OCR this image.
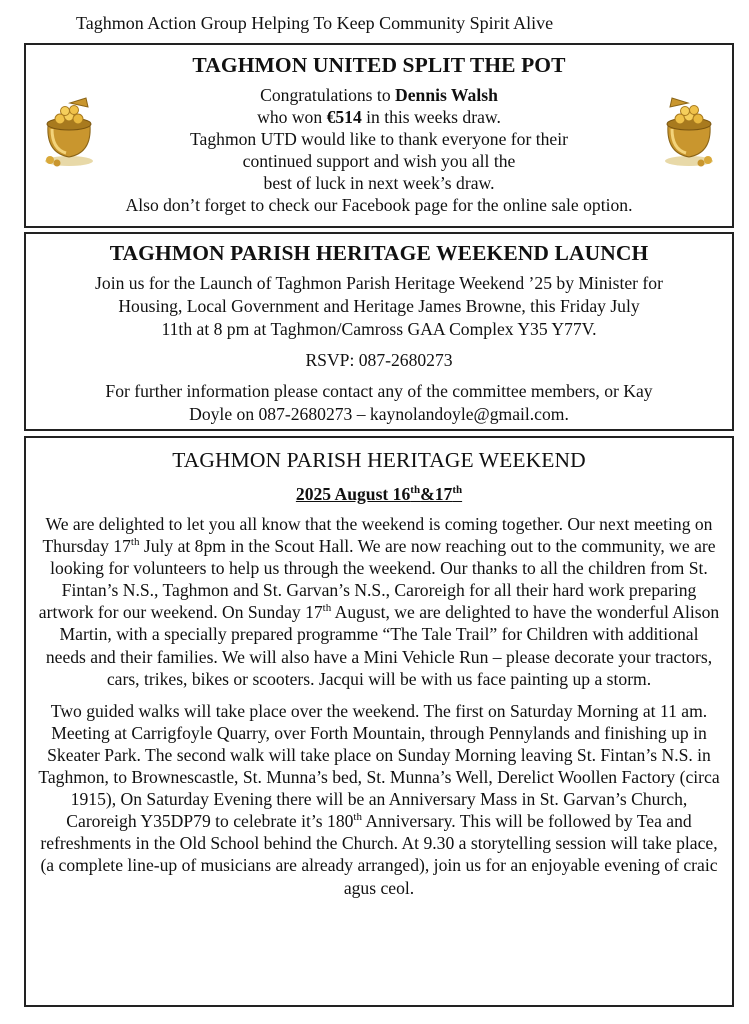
Taghmon Action Group Helping To Keep Community Spirit Alive
TAGHMON UNITED SPLIT THE POT
Congratulations to Dennis Walsh
who won €514 in this weeks draw.
Taghmon UTD would like to thank everyone for their
continued support and wish you all the
best of luck in next week’s draw.
Also don’t forget to check our Facebook page for the online sale option.
TAGHMON PARISH HERITAGE WEEKEND LAUNCH

Join us for the Launch of Taghmon Parish Heritage Weekend ’25 by Minister for
Housing, Local Government and Heritage James Browne, this Friday July
11th at 8 pm at Taghmon/Camross GAA Complex Y35 Y77V.

RSVP: 087-2680273

For further information please contact any of the committee members, or Kay
Doyle on 087-2680273 – kaynolandoyle@gmail.com.

TAGHMON PARISH HERITAGE WEEKEND
2025 August 16th&17th

We are delighted to let you all know that the weekend is coming together. Our next meeting on Thursday 17th July at 8pm in the Scout Hall. We are now reaching out to the community, we are looking for volunteers to help us through the weekend. Our thanks to all the children from St. Fintan’s N.S., Taghmon and St. Garvan’s N.S., Caroreigh for all their hard work preparing artwork for our weekend. On Sunday 17th August, we are delighted to have the wonderful Alison Martin, with a specially prepared programme “The Tale Trail” for Children with additional needs and their families. We will also have a Mini Vehicle Run – please decorate your tractors, cars, trikes, bikes or scooters. Jacqui will be with us face painting up a storm.

Two guided walks will take place over the weekend. The first on Saturday Morning at 11 am. Meeting at Carrigfoyle Quarry, over Forth Mountain, through Pennylands and finishing up in Skeater Park. The second walk will take place on Sunday Morning leaving St. Fintan’s N.S. in Taghmon, to Brownescastle, St. Munna’s bed, St. Munna’s Well, Derelict Woollen Factory (circa 1915), On Saturday Evening there will be an Anniversary Mass in St. Garvan’s Church, Caroreigh Y35DP79 to celebrate it’s 180th Anniversary. This will be followed by Tea and refreshments in the Old School behind the Church. At 9.30 a storytelling session will take place, (a complete line-up of musicians are already arranged), join us for an enjoyable evening of craic agus ceol.
